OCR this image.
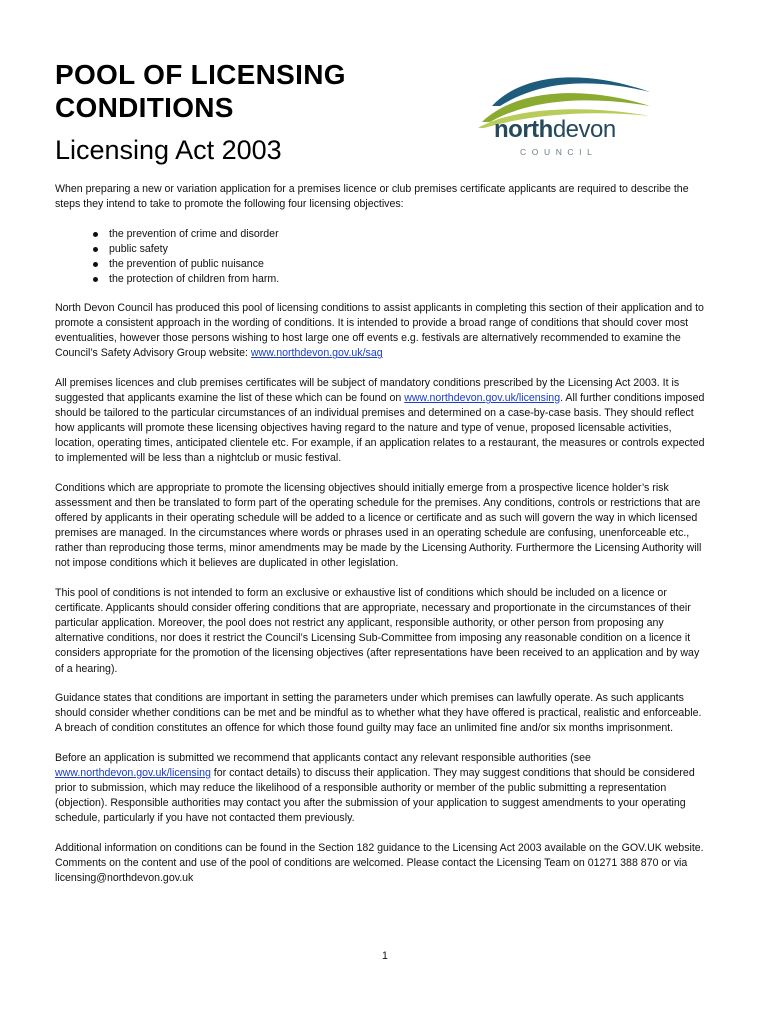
POOL OF LICENSING
CONDITIONS
Licensing Act 2003
northdevon
COUNCIL

When preparing a new or variation application for a premises licence or club premises certificate applicants are required to describe the steps they intend to take to promote the following four licensing objectives:

the prevention of crime and disorder
public safety
the prevention of public nuisance
the protection of children from harm.

North Devon Council has produced this pool of licensing conditions to assist applicants in completing this section of their application and to promote a consistent approach in the wording of conditions. It is intended to provide a broad range of conditions that should cover most eventualities, however those persons wishing to host large one off events e.g. festivals are alternatively recommended to examine the Council’s Safety Advisory Group website: www.northdevon.gov.uk/sag

All premises licences and club premises certificates will be subject of mandatory conditions prescribed by the Licensing Act 2003. It is suggested that applicants examine the list of these which can be found on www.northdevon.gov.uk/licensing. All further conditions imposed should be tailored to the particular circumstances of an individual premises and determined on a case-by-case basis. They should reflect how applicants will promote these licensing objectives having regard to the nature and type of venue, proposed licensable activities, location, operating times, anticipated clientele etc. For example, if an application relates to a restaurant, the measures or controls expected to implemented will be less than a nightclub or music festival.

Conditions which are appropriate to promote the licensing objectives should initially emerge from a prospective licence holder’s risk assessment and then be translated to form part of the operating schedule for the premises. Any conditions, controls or restrictions that are offered by applicants in their operating schedule will be added to a licence or certificate and as such will govern the way in which licensed premises are managed. In the circumstances where words or phrases used in an operating schedule are confusing, unenforceable etc., rather than reproducing those terms, minor amendments may be made by the Licensing Authority. Furthermore the Licensing Authority will not impose conditions which it believes are duplicated in other legislation.

This pool of conditions is not intended to form an exclusive or exhaustive list of conditions which should be included on a licence or certificate. Applicants should consider offering conditions that are appropriate, necessary and proportionate in the circumstances of their particular application. Moreover, the pool does not restrict any applicant, responsible authority, or other person from proposing any alternative conditions, nor does it restrict the Council’s Licensing Sub-Committee from imposing any reasonable condition on a licence it considers appropriate for the promotion of the licensing objectives (after representations have been received to an application and by way of a hearing).

Guidance states that conditions are important in setting the parameters under which premises can lawfully operate. As such applicants should consider whether conditions can be met and be mindful as to whether what they have offered is practical, realistic and enforceable. A breach of condition constitutes an offence for which those found guilty may face an unlimited fine and/or six months imprisonment.

Before an application is submitted we recommend that applicants contact any relevant responsible authorities (see www.northdevon.gov.uk/licensing for contact details) to discuss their application. They may suggest conditions that should be considered prior to submission, which may reduce the likelihood of a responsible authority or member of the public submitting a representation (objection). Responsible authorities may contact you after the submission of your application to suggest amendments to your operating schedule, particularly if you have not contacted them previously.

Additional information on conditions can be found in the Section 182 guidance to the Licensing Act 2003 available on the GOV.UK website. Comments on the content and use of the pool of conditions are welcomed. Please contact the Licensing Team on 01271 388 870 or via licensing@northdevon.gov.uk

1
